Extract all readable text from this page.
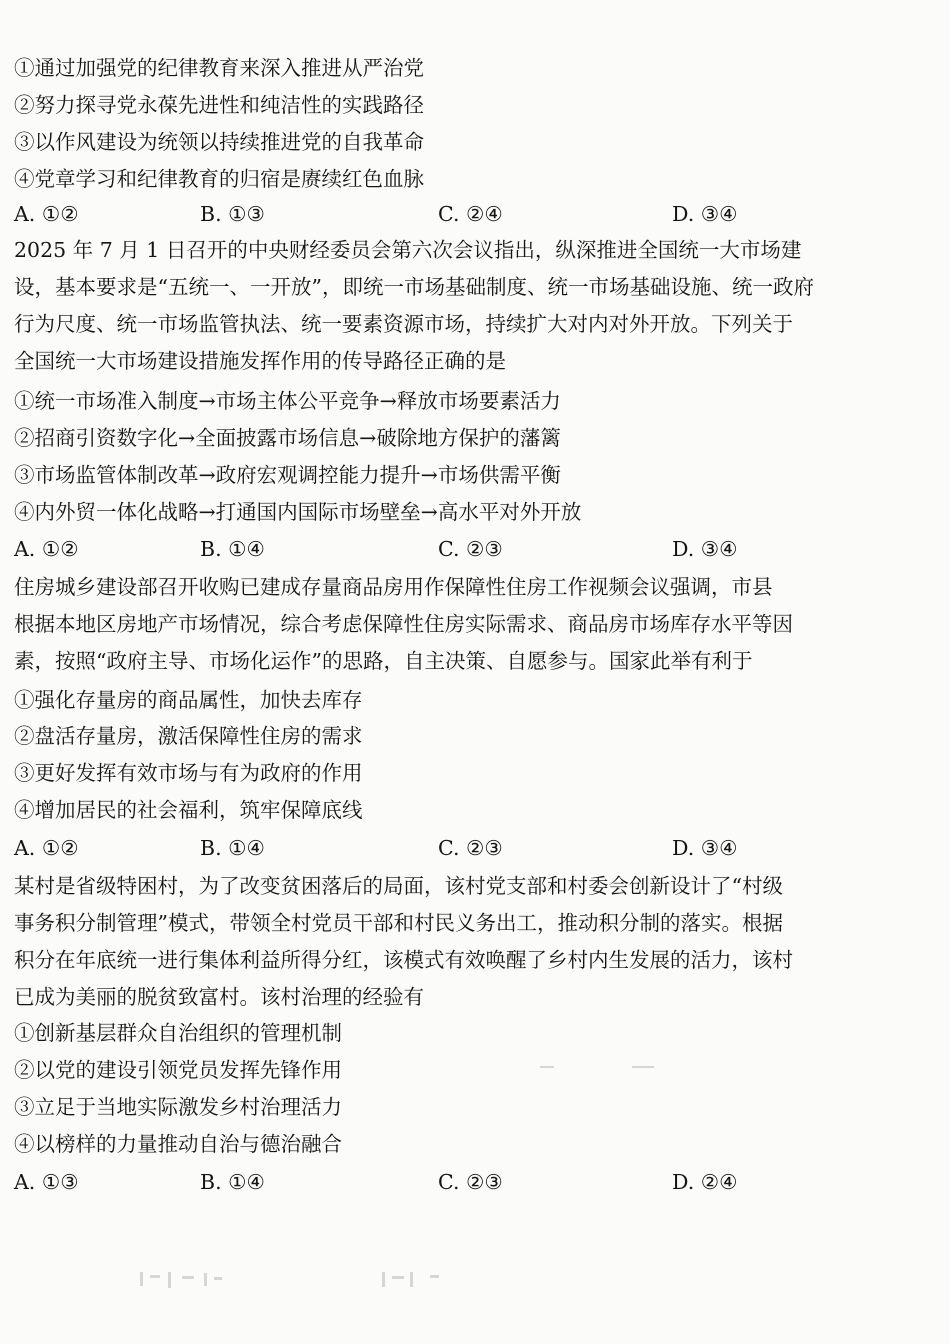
①通过加强党的纪律教育来深入推进从严治党
②努力探寻党永葆先进性和纯洁性的实践路径
③以作风建设为统领以持续推进党的自我革命
④党章学习和纪律教育的归宿是赓续红色血脉
A. ①②	B. ①③	C. ②④	D. ③④
2025 年 7 月 1 日召开的中央财经委员会第六次会议指出，纵深推进全国统一大市场建
设，基本要求是“五统一、一开放”，即统一市场基础制度、统一市场基础设施、统一政府
行为尺度、统一市场监管执法、统一要素资源市场，持续扩大对内对外开放。下列关于
全国统一大市场建设措施发挥作用的传导路径正确的是
①统一市场准入制度→市场主体公平竞争→释放市场要素活力
②招商引资数字化→全面披露市场信息→破除地方保护的藩篱
③市场监管体制改革→政府宏观调控能力提升→市场供需平衡
④内外贸一体化战略→打通国内国际市场壁垒→高水平对外开放
A. ①②	B. ①④	C. ②③	D. ③④
住房城乡建设部召开收购已建成存量商品房用作保障性住房工作视频会议强调，市县
根据本地区房地产市场情况，综合考虑保障性住房实际需求、商品房市场库存水平等因
素，按照“政府主导、市场化运作”的思路，自主决策、自愿参与。国家此举有利于
①强化存量房的商品属性，加快去库存
②盘活存量房，激活保障性住房的需求
③更好发挥有效市场与有为政府的作用
④增加居民的社会福利，筑牢保障底线
A. ①②	B. ①④	C. ②③	D. ③④
某村是省级特困村，为了改变贫困落后的局面，该村党支部和村委会创新设计了“村级
事务积分制管理”模式，带领全村党员干部和村民义务出工，推动积分制的落实。根据
积分在年底统一进行集体利益所得分红，该模式有效唤醒了乡村内生发展的活力，该村
已成为美丽的脱贫致富村。该村治理的经验有
①创新基层群众自治组织的管理机制
②以党的建设引领党员发挥先锋作用
③立足于当地实际激发乡村治理活力
④以榜样的力量推动自治与德治融合
A. ①③	B. ①④	C. ②③	D. ②④
